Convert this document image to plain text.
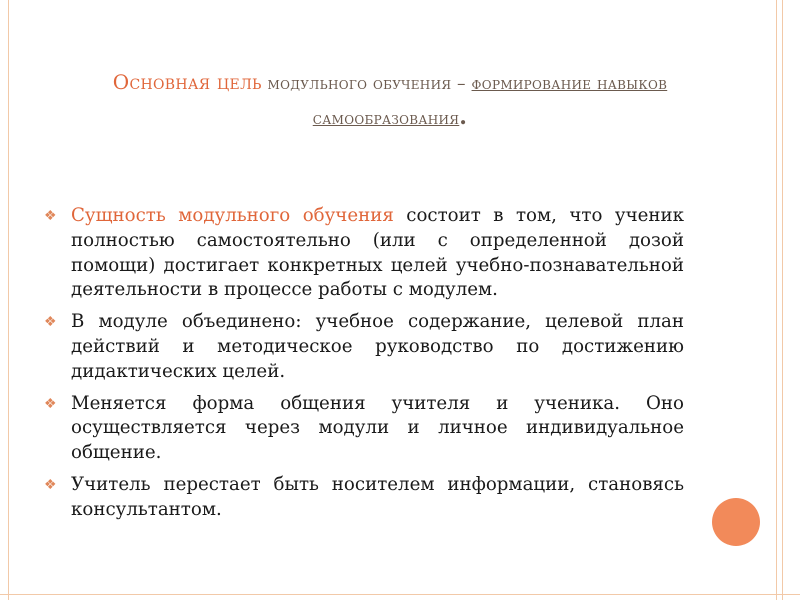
Основная цель модульного обучения – формирование навыков самообразования.
❖ Сущность модульного обучения состоит в том, что ученик полностью самостоятельно (или с определенной дозой помощи) достигает конкретных целей учебно-познавательной деятельности в процессе работы с модулем.
❖ В модуле объединено: учебное содержание, целевой план действий и методическое руководство по достижению дидактических целей.
❖ Меняется форма общения учителя и ученика. Оно осуществляется через модули и личное индивидуальное общение.
❖ Учитель перестает быть носителем информации, становясь консультантом.
